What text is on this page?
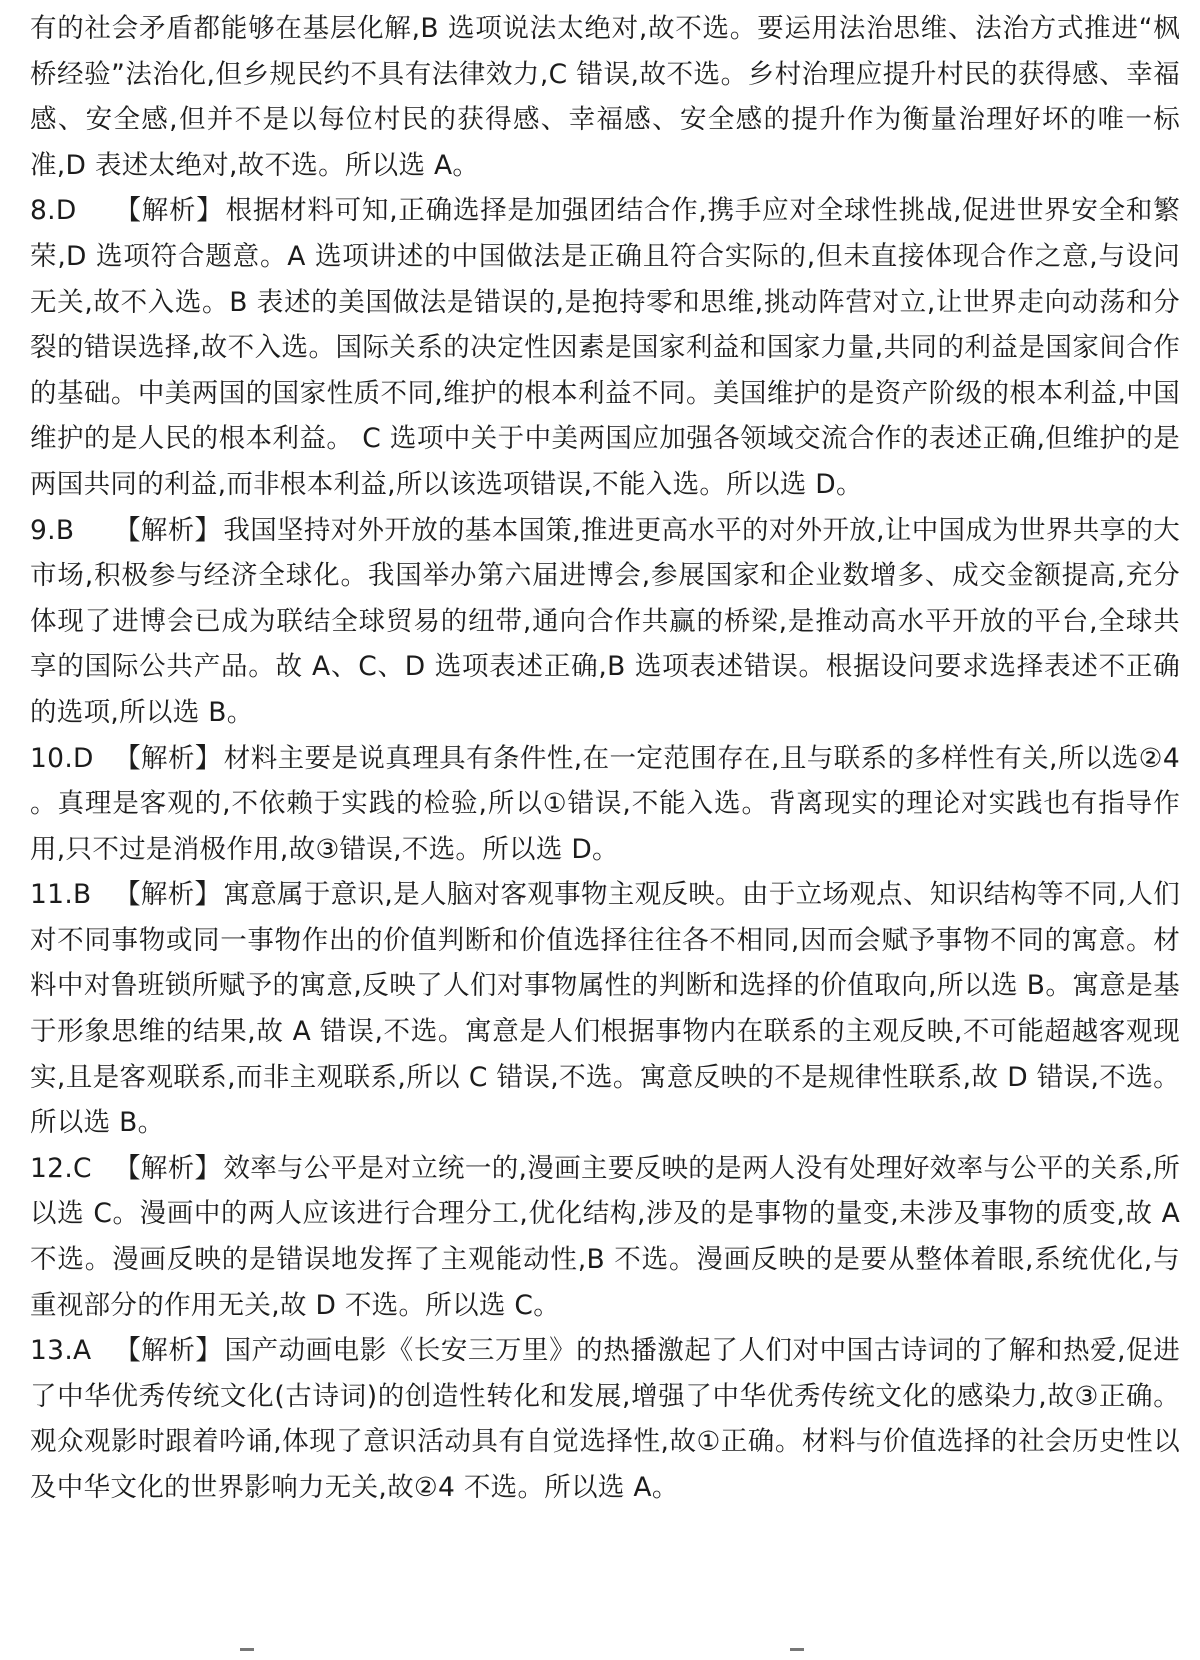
有的社会矛盾都能够在基层化解,B 选项说法太绝对,故不选。要运用法治思维、法治方式推进“枫桥经验”法治化,但乡规民约不具有法律效力,C 错误,故不选。乡村治理应提升村民的获得感、幸福感、安全感,但并不是以每位村民的获得感、幸福感、安全感的提升作为衡量治理好坏的唯一标准,D 表述太绝对,故不选。所以选 A。

8.D 【解析】根据材料可知,正确选择是加强团结合作,携手应对全球性挑战,促进世界安全和繁荣,D 选项符合题意。A 选项讲述的中国做法是正确且符合实际的,但未直接体现合作之意,与设问无关,故不入选。B 表述的美国做法是错误的,是抱持零和思维,挑动阵营对立,让世界走向动荡和分裂的错误选择,故不入选。国际关系的决定性因素是国家利益和国家力量,共同的利益是国家间合作的基础。中美两国的国家性质不同,维护的根本利益不同。美国维护的是资产阶级的根本利益,中国维护的是人民的根本利益。 C 选项中关于中美两国应加强各领域交流合作的表述正确,但维护的是两国共同的利益,而非根本利益,所以该选项错误,不能入选。所以选 D。

9.B 【解析】我国坚持对外开放的基本国策,推进更高水平的对外开放,让中国成为世界共享的大市场,积极参与经济全球化。我国举办第六届进博会,参展国家和企业数增多、成交金额提高,充分体现了进博会已成为联结全球贸易的纽带,通向合作共赢的桥梁,是推动高水平开放的平台,全球共享的国际公共产品。故 A、C、D 选项表述正确,B 选项表述错误。根据设问要求选择表述不正确的选项,所以选 B。

10.D 【解析】材料主要是说真理具有条件性,在一定范围存在,且与联系的多样性有关,所以选②4 。真理是客观的,不依赖于实践的检验,所以①错误,不能入选。背离现实的理论对实践也有指导作用,只不过是消极作用,故③错误,不选。所以选 D。

11.B 【解析】寓意属于意识,是人脑对客观事物主观反映。由于立场观点、知识结构等不同,人们对不同事物或同一事物作出的价值判断和价值选择往往各不相同,因而会赋予事物不同的寓意。材料中对鲁班锁所赋予的寓意,反映了人们对事物属性的判断和选择的价值取向,所以选 B。寓意是基于形象思维的结果,故 A 错误,不选。寓意是人们根据事物内在联系的主观反映,不可能超越客观现实,且是客观联系,而非主观联系,所以 C 错误,不选。寓意反映的不是规律性联系,故 D 错误,不选。所以选 B。

12.C 【解析】效率与公平是对立统一的,漫画主要反映的是两人没有处理好效率与公平的关系,所以选 C。漫画中的两人应该进行合理分工,优化结构,涉及的是事物的量变,未涉及事物的质变,故 A 不选。漫画反映的是错误地发挥了主观能动性,B 不选。漫画反映的是要从整体着眼,系统优化,与重视部分的作用无关,故 D 不选。所以选 C。

13.A 【解析】国产动画电影《长安三万里》的热播激起了人们对中国古诗词的了解和热爱,促进了中华优秀传统文化(古诗词)的创造性转化和发展,增强了中华优秀传统文化的感染力,故③正确。观众观影时跟着吟诵,体现了意识活动具有自觉选择性,故①正确。材料与价值选择的社会历史性以及中华文化的世界影响力无关,故②4 不选。所以选 A。
